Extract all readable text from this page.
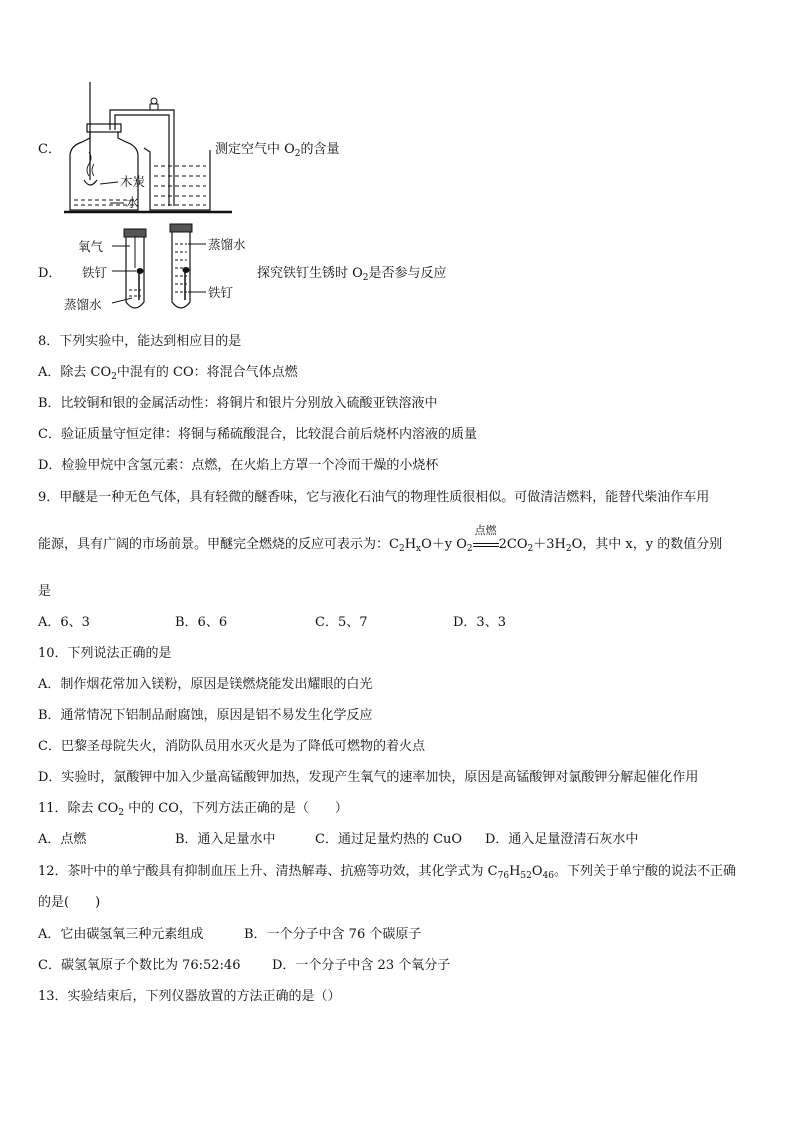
C．
木炭
水
氧气
铁钉
蒸馏水
蒸馏水
铁钉
测定空气中 $O_2$的含量
D．	探究铁钉生锈时 $O_2$是否参与反应
8．下列实验中，能达到相应目的是
A．除去 $CO_2$中混有的 CO：将混合气体点燃
B．比较铜和银的金属活动性：将铜片和银片分别放入硫酸亚铁溶液中
C．验证质量守恒定律：将铜与稀硫酸混合，比较混合前后烧杯内溶液的质量
D．检验甲烷中含氢元素：点燃，在火焰上方罩一个冷而干燥的小烧杯
9．甲醚是一种无色气体，具有轻微的醚香味，它与液化石油气的物理性质很相似。可做清洁燃料，能替代柴油作车用
能源，具有广阔的市场前景。甲醚完全燃烧的反应可表示为：$C_2H_xO+y$ $O_2$
点燃
$2CO_2+3H_2O$，其中 x，y 的数值分别
是
A．6、3	B．6、6	C．5、7	D．3、3
10．下列说法正确的是
A．制作烟花常加入镁粉，原因是镁燃烧能发出耀眼的白光
B．通常情况下铝制品耐腐蚀，原因是铝不易发生化学反应
C．巴黎圣母院失火，消防队员用水灭火是为了降低可燃物的着火点
D．实验时，氯酸钾中加入少量高锰酸钾加热，发现产生氧气的速率加快，原因是高锰酸钾对氯酸钾分解起催化作用
11．除去 $CO_2$ 中的 CO，下列方法正确的是（　　）
A．点燃	B．通入足量水中	C．通过足量灼热的 CuO D．通入足量澄清石灰水中
12．茶叶中的单宁酸具有抑制血压上升、清热解毒、抗癌等功效，其化学式为 $C_{76}H_{52}O_{46}$。下列关于单宁酸的说法不正确
的是(　　)
A．它由碳氢氧三种元素组成	B．一个分子中含 76 个碳原子
C．碳氢氧原子个数比为 76:52:46 D．一个分子中含 23 个氧分子
13．实验结束后，下列仪器放置的方法正确的是（）
